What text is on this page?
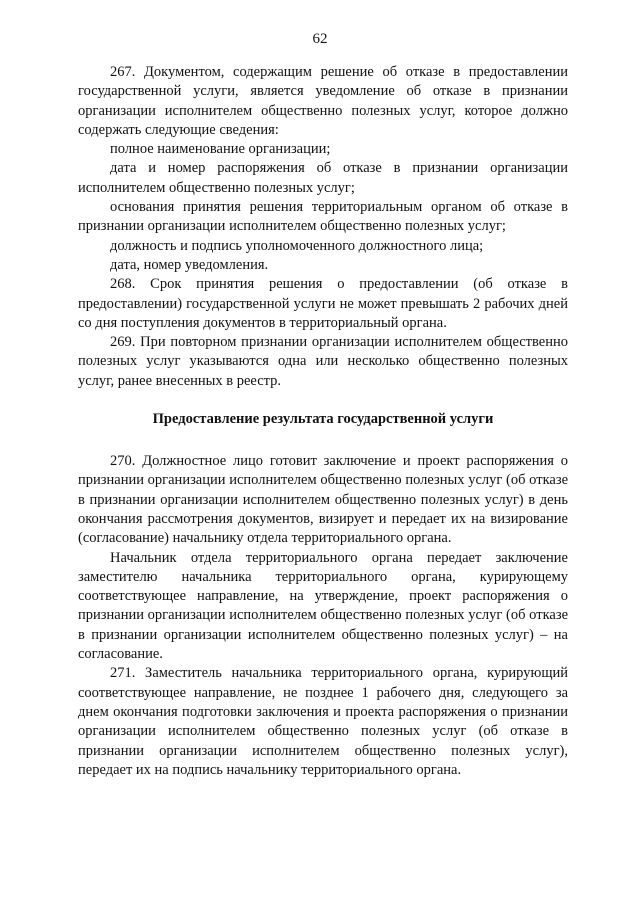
62

267. Документом, содержащим решение об отказе в предоставлении государственной услуги, является уведомление об отказе в признании организации исполнителем общественно полезных услуг, которое должно содержать следующие сведения:

полное наименование организации;

дата и номер распоряжения об отказе в признании организации исполнителем общественно полезных услуг;

основания принятия решения территориальным органом об отказе в признании организации исполнителем общественно полезных услуг;

должность и подпись уполномоченного должностного лица;

дата, номер уведомления.

268. Срок принятия решения о предоставлении (об отказе в предоставлении) государственной услуги не может превышать 2 рабочих дней со дня поступления документов в территориальный органа.

269. При повторном признании организации исполнителем общественно полезных услуг указываются одна или несколько общественно полезных услуг, ранее внесенных в реестр.

Предоставление результата государственной услуги

270. Должностное лицо готовит заключение и проект распоряжения о признании организации исполнителем общественно полезных услуг (об отказе в признании организации исполнителем общественно полезных услуг) в день окончания рассмотрения документов, визирует и передает их на визирование (согласование) начальнику отдела территориального органа.

Начальник отдела территориального органа передает заключение заместителю начальника территориального органа, курирующему соответствующее направление, на утверждение, проект распоряжения о признании организации исполнителем общественно полезных услуг (об отказе в признании организации исполнителем общественно полезных услуг) – на согласование.

271. Заместитель начальника территориального органа, курирующий соответствующее направление, не позднее 1 рабочего дня, следующего за днем окончания подготовки заключения и проекта распоряжения о признании организации исполнителем общественно полезных услуг (об отказе в признании организации исполнителем общественно полезных услуг), передает их на подпись начальнику территориального органа.
